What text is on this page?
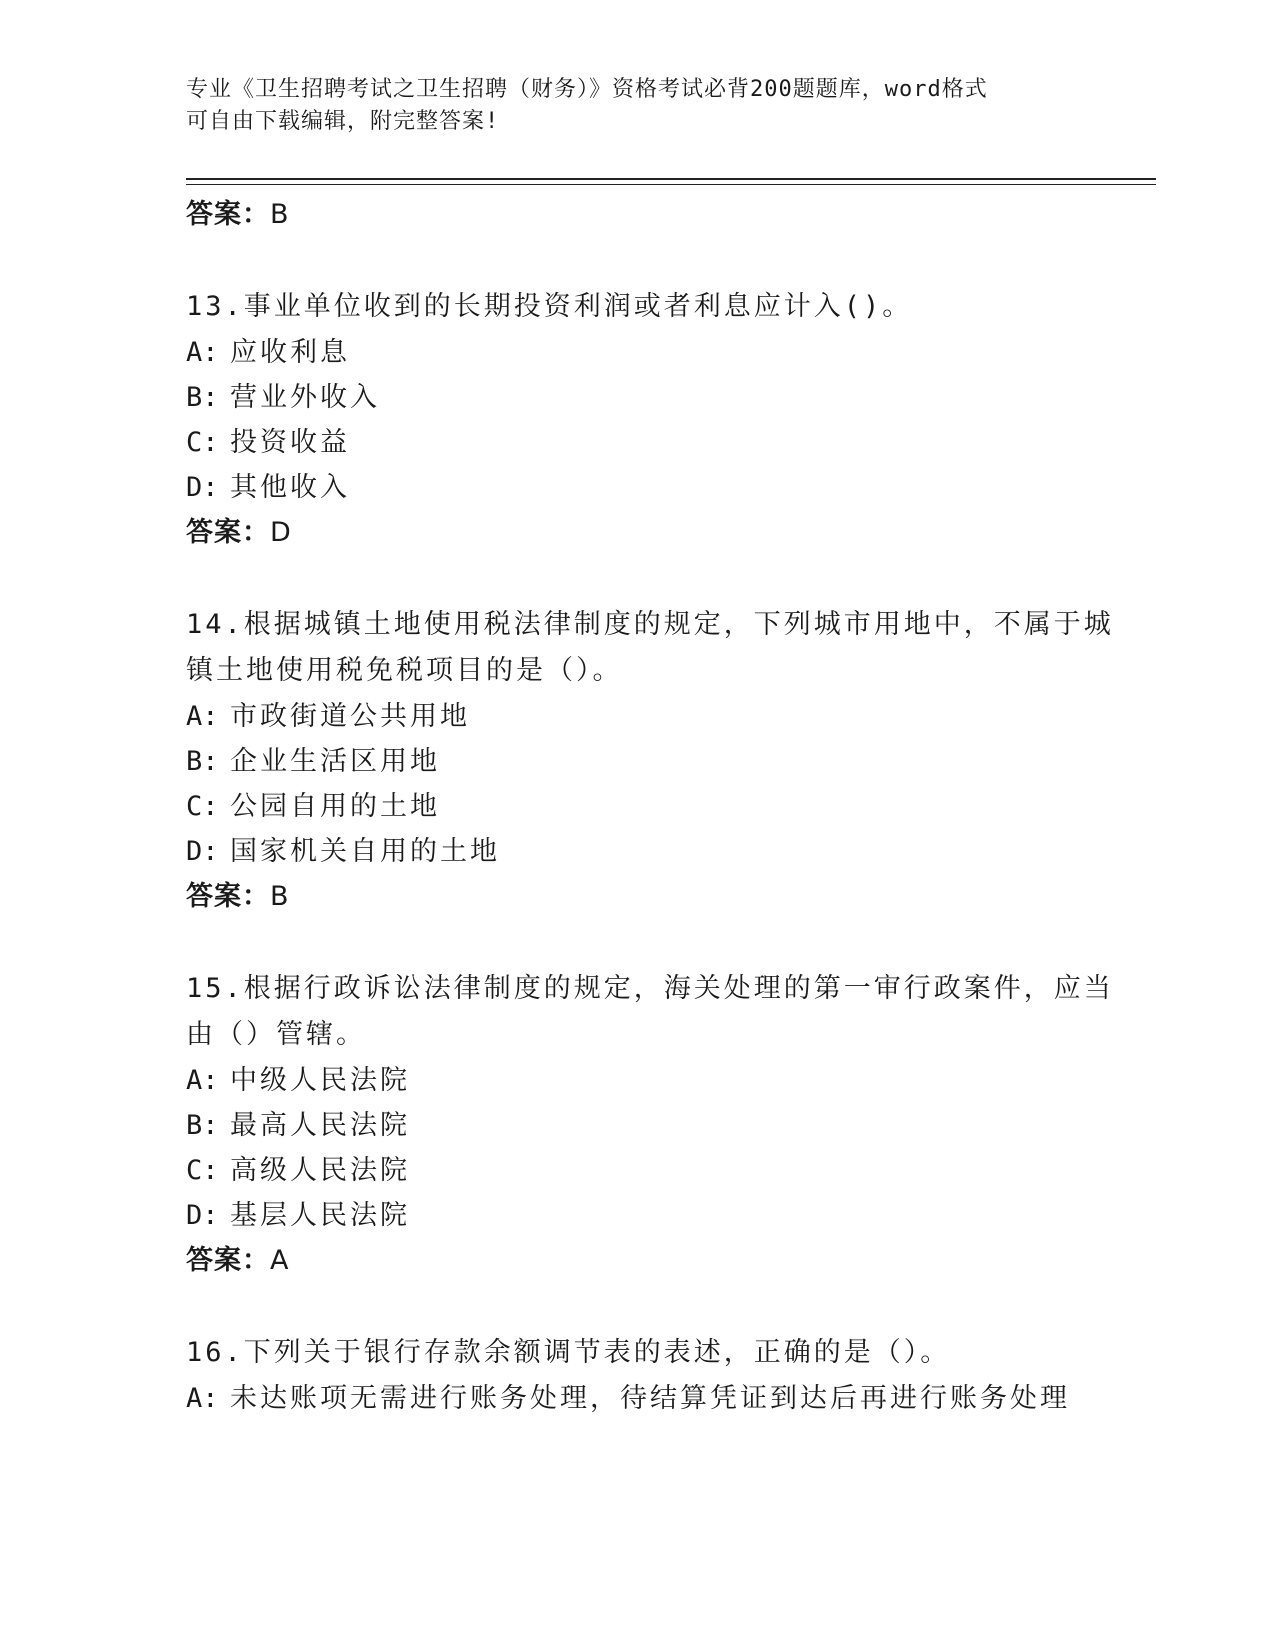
专业《卫生招聘考试之卫生招聘（财务）》资格考试必背200题题库，word格式
可自由下载编辑，附完整答案!
答案：B
13.事业单位收到的长期投资利润或者利息应计入()。
A: 应收利息
B: 营业外收入
C: 投资收益
D: 其他收入
答案：D
14.根据城镇土地使用税法律制度的规定，下列城市用地中，不属于城
镇土地使用税免税项目的是（）。
A: 市政街道公共用地
B: 企业生活区用地
C: 公园自用的土地
D: 国家机关自用的土地
答案：B
15.根据行政诉讼法律制度的规定，海关处理的第一审行政案件，应当
由（）管辖。
A: 中级人民法院
B: 最高人民法院
C: 高级人民法院
D: 基层人民法院
答案：A
16.下列关于银行存款余额调节表的表述，正确的是（）。
A: 未达账项无需进行账务处理，待结算凭证到达后再进行账务处理
